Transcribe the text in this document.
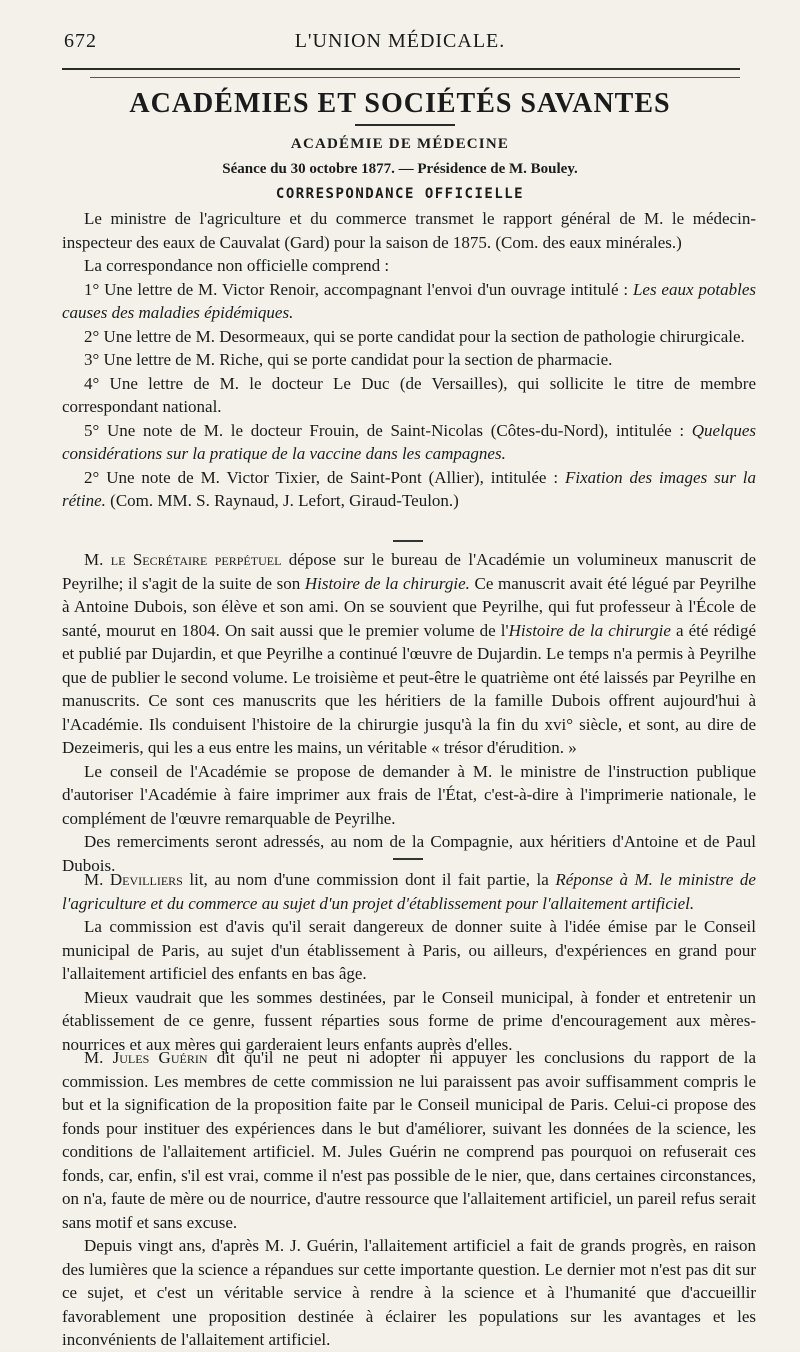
672	L'UNION MÉDICALE.
ACADÉMIES ET SOCIÉTÉS SAVANTES
ACADÉMIE DE MÉDECINE
Séance du 30 octobre 1877. — Présidence de M. Bouley.
CORRESPONDANCE OFFICIELLE

Le ministre de l'agriculture et du commerce transmet le rapport général de M. le médecin-inspecteur des eaux de Cauvalat (Gard) pour la saison de 1875. (Com. des eaux minérales.)

La correspondance non officielle comprend :

1° Une lettre de M. Victor Renoir, accompagnant l'envoi d'un ouvrage intitulé : Les eaux potables causes des maladies épidémiques.

2° Une lettre de M. Desormeaux, qui se porte candidat pour la section de pathologie chirurgicale.

3° Une lettre de M. Riche, qui se porte candidat pour la section de pharmacie.

4° Une lettre de M. le docteur Le Duc (de Versailles), qui sollicite le titre de membre correspondant national.

5° Une note de M. le docteur Frouin, de Saint-Nicolas (Côtes-du-Nord), intitulée : Quelques considérations sur la pratique de la vaccine dans les campagnes.

2° Une note de M. Victor Tixier, de Saint-Pont (Allier), intitulée : Fixation des images sur la rétine. (Com. MM. S. Raynaud, J. Lefort, Giraud-Teulon.)

M. le Secrétaire perpétuel dépose sur le bureau de l'Académie un volumineux manuscrit de Peyrilhe; il s'agit de la suite de son Histoire de la chirurgie. Ce manuscrit avait été légué par Peyrilhe à Antoine Dubois, son élève et son ami. On se souvient que Peyrilhe, qui fut professeur à l'École de santé, mourut en 1804. On sait aussi que le premier volume de l'Histoire de la chirurgie a été rédigé et publié par Dujardin, et que Peyrilhe a continué l'œuvre de Dujardin. Le temps n'a permis à Peyrilhe que de publier le second volume. Le troisième et peut-être le quatrième ont été laissés par Peyrilhe en manuscrits. Ce sont ces manuscrits que les héritiers de la famille Dubois offrent aujourd'hui à l'Académie. Ils conduisent l'histoire de la chirurgie jusqu'à la fin du xvi° siècle, et sont, au dire de Dezeimeris, qui les a eus entre les mains, un véritable « trésor d'érudition. »

Le conseil de l'Académie se propose de demander à M. le ministre de l'instruction publique d'autoriser l'Académie à faire imprimer aux frais de l'État, c'est-à-dire à l'imprimerie nationale, le complément de l'œuvre remarquable de Peyrilhe.

Des remerciments seront adressés, au nom de la Compagnie, aux héritiers d'Antoine et de Paul Dubois.

M. Devilliers lit, au nom d'une commission dont il fait partie, la Réponse à M. le ministre de l'agriculture et du commerce au sujet d'un projet d'établissement pour l'allaitement artificiel.

La commission est d'avis qu'il serait dangereux de donner suite à l'idée émise par le Conseil municipal de Paris, au sujet d'un établissement à Paris, ou ailleurs, d'expériences en grand pour l'allaitement artificiel des enfants en bas âge.

Mieux vaudrait que les sommes destinées, par le Conseil municipal, à fonder et entretenir un établissement de ce genre, fussent réparties sous forme de prime d'encouragement aux mères-nourrices et aux mères qui garderaient leurs enfants auprès d'elles.

M. Jules Guérin dit qu'il ne peut ni adopter ni appuyer les conclusions du rapport de la commission. Les membres de cette commission ne lui paraissent pas avoir suffisamment compris le but et la signification de la proposition faite par le Conseil municipal de Paris. Celui-ci propose des fonds pour instituer des expériences dans le but d'améliorer, suivant les données de la science, les conditions de l'allaitement artificiel. M. Jules Guérin ne comprend pas pourquoi on refuserait ces fonds, car, enfin, s'il est vrai, comme il n'est pas possible de le nier, que, dans certaines circonstances, on n'a, faute de mère ou de nourrice, d'autre ressource que l'allaitement artificiel, un pareil refus serait sans motif et sans excuse.

Depuis vingt ans, d'après M. J. Guérin, l'allaitement artificiel a fait de grands progrès, en raison des lumières que la science a répandues sur cette importante question. Le dernier mot n'est pas dit sur ce sujet, et c'est un véritable service à rendre à la science et à l'humanité que d'accueillir favorablement une proposition destinée à éclairer les populations sur les avantages et les inconvénients de l'allaitement artificiel.
